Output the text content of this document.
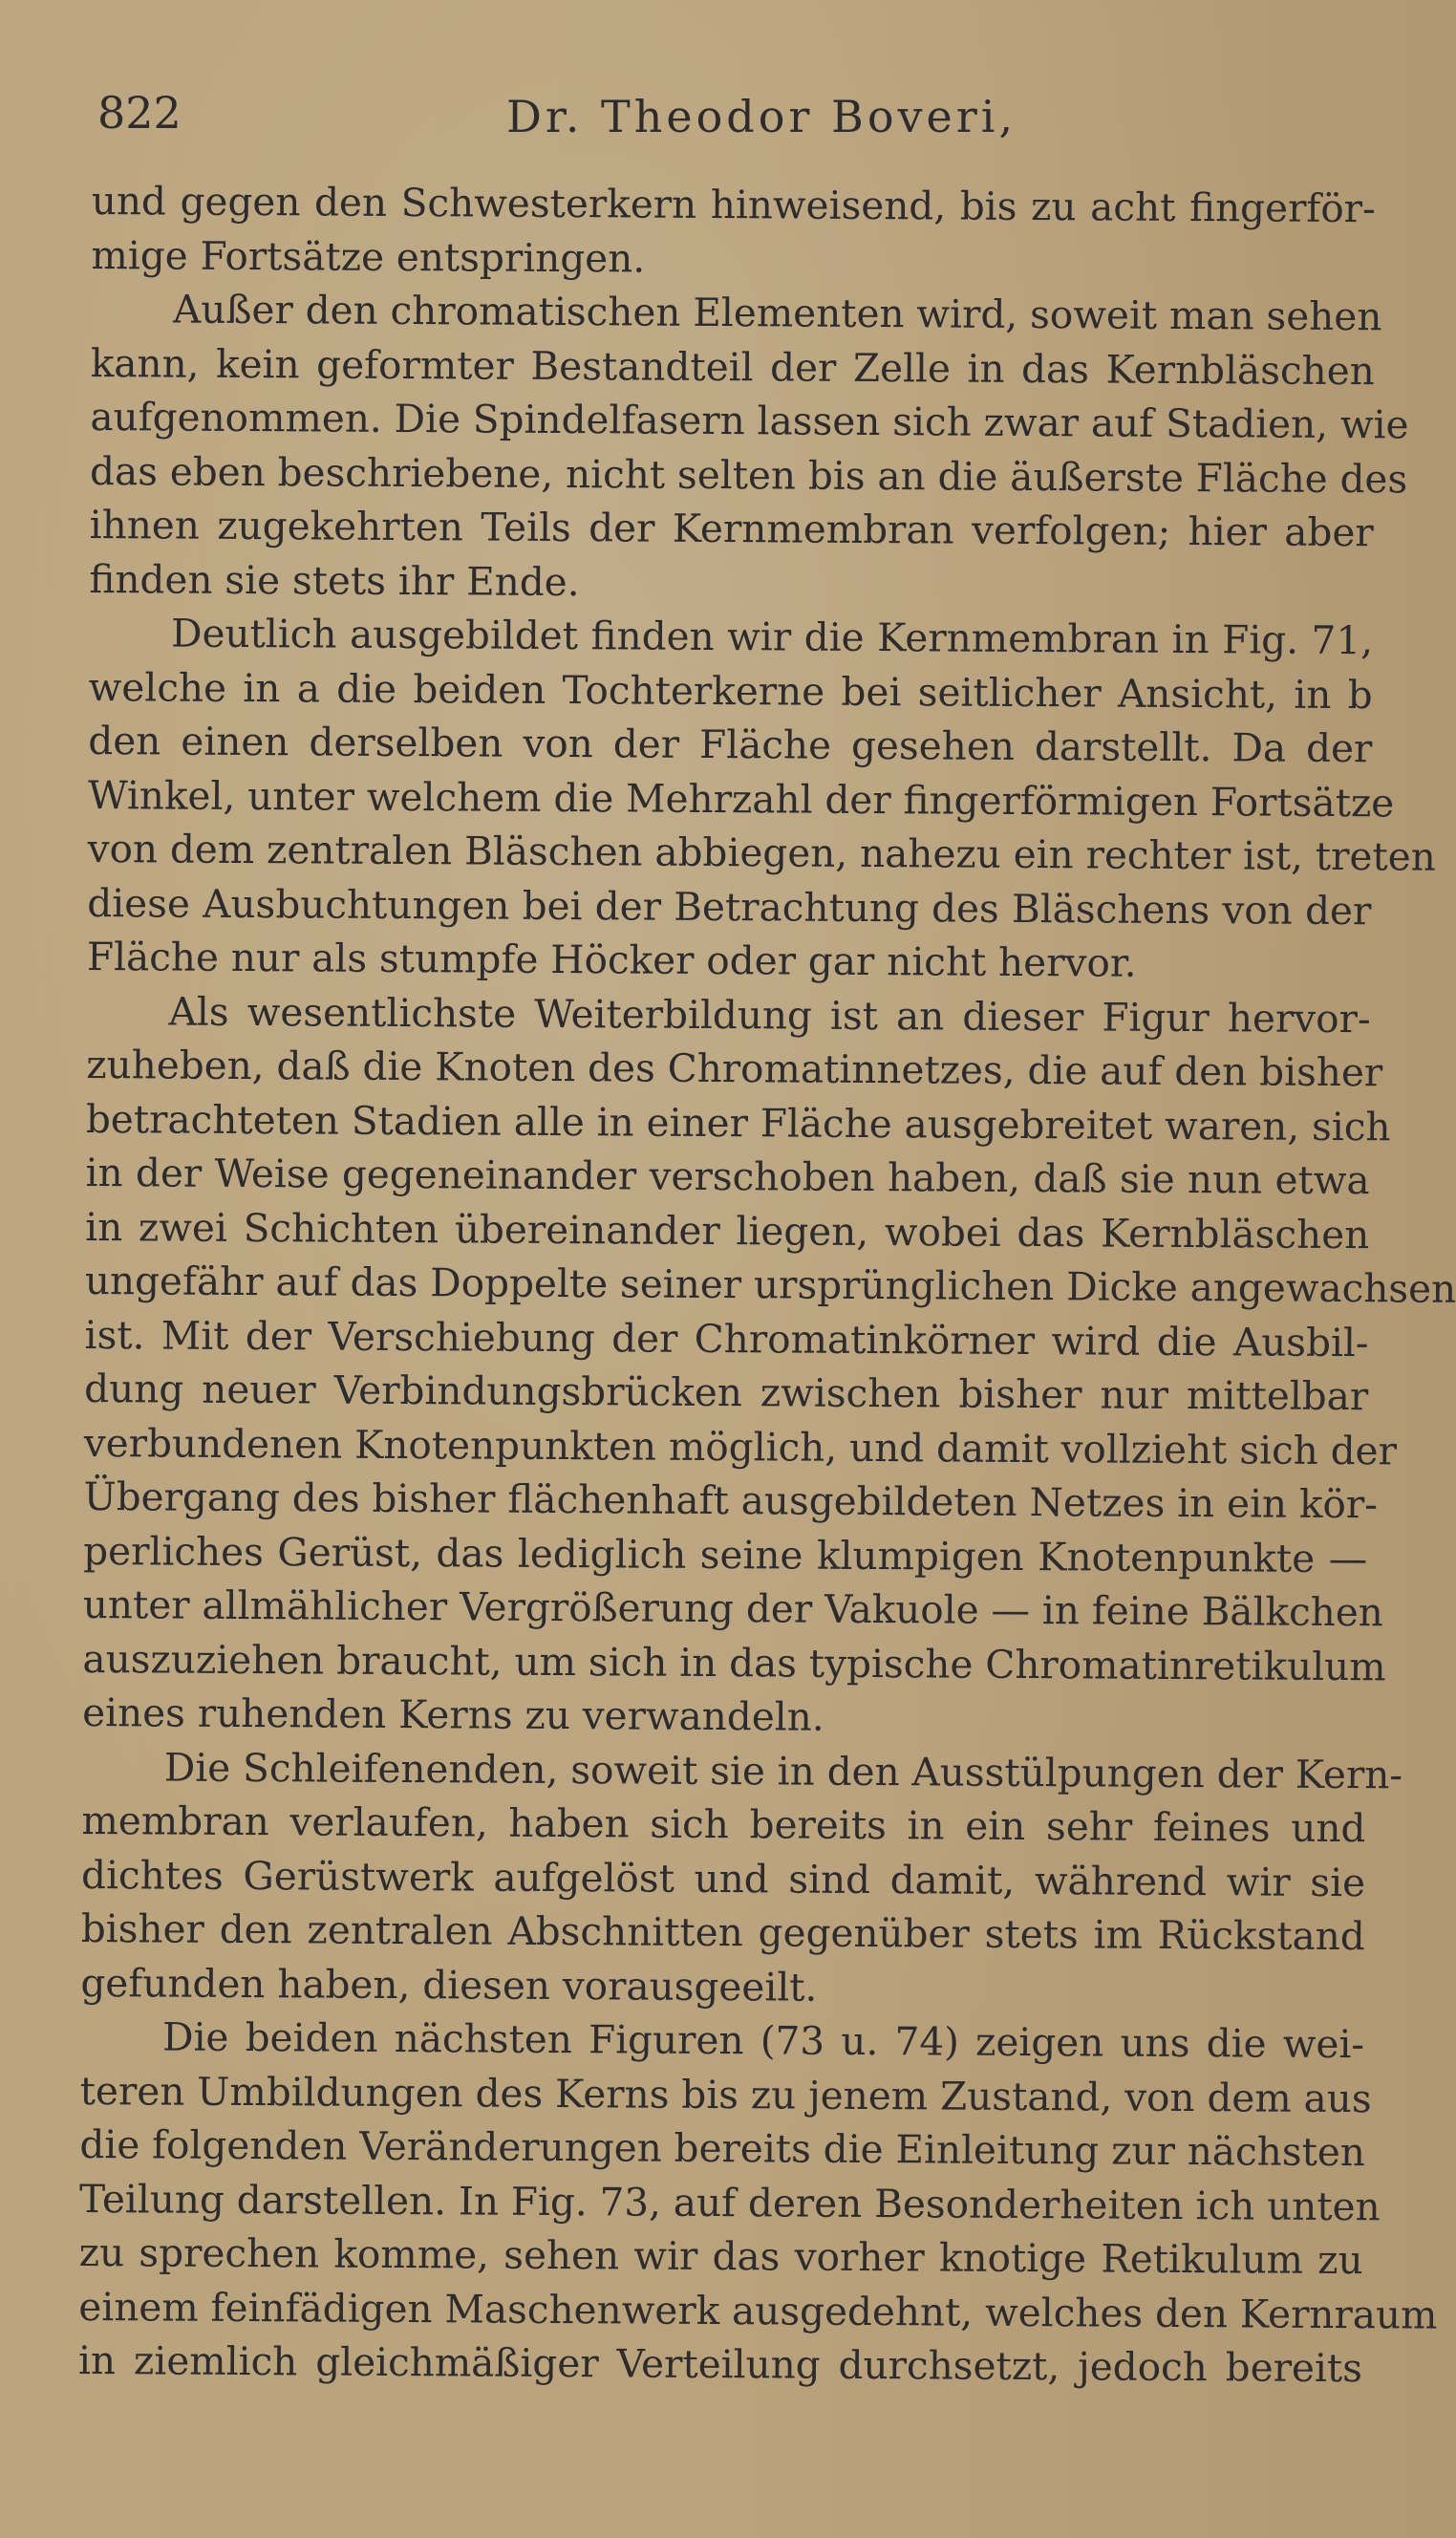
822	Dr. Theodor Boveri,
und gegen den Schwesterkern hinweisend, bis zu acht fingerför-
mige Fortsätze entspringen.
Außer den chromatischen Elementen wird, soweit man sehen
kann, kein geformter Bestandteil der Zelle in das Kernbläschen
aufgenommen. Die Spindelfasern lassen sich zwar auf Stadien, wie
das eben beschriebene, nicht selten bis an die äußerste Fläche des
ihnen zugekehrten Teils der Kernmembran verfolgen; hier aber
finden sie stets ihr Ende.
Deutlich ausgebildet finden wir die Kernmembran in Fig. 71,
welche in a die beiden Tochterkerne bei seitlicher Ansicht, in b
den einen derselben von der Fläche gesehen darstellt. Da der
Winkel, unter welchem die Mehrzahl der fingerförmigen Fortsätze
von dem zentralen Bläschen abbiegen, nahezu ein rechter ist, treten
diese Ausbuchtungen bei der Betrachtung des Bläschens von der
Fläche nur als stumpfe Höcker oder gar nicht hervor.
Als wesentlichste Weiterbildung ist an dieser Figur hervor-
zuheben, daß die Knoten des Chromatinnetzes, die auf den bisher
betrachteten Stadien alle in einer Fläche ausgebreitet waren, sich
in der Weise gegeneinander verschoben haben, daß sie nun etwa
in zwei Schichten übereinander liegen, wobei das Kernbläschen
ungefähr auf das Doppelte seiner ursprünglichen Dicke angewachsen
ist. Mit der Verschiebung der Chromatinkörner wird die Ausbil-
dung neuer Verbindungsbrücken zwischen bisher nur mittelbar
verbundenen Knotenpunkten möglich, und damit vollzieht sich der
Übergang des bisher flächenhaft ausgebildeten Netzes in ein kör-
perliches Gerüst, das lediglich seine klumpigen Knotenpunkte —
unter allmählicher Vergrößerung der Vakuole — in feine Bälkchen
auszuziehen braucht, um sich in das typische Chromatinretikulum
eines ruhenden Kerns zu verwandeln.
Die Schleifenenden, soweit sie in den Ausstülpungen der Kern-
membran verlaufen, haben sich bereits in ein sehr feines und
dichtes Gerüstwerk aufgelöst und sind damit, während wir sie
bisher den zentralen Abschnitten gegenüber stets im Rückstand
gefunden haben, diesen vorausgeeilt.
Die beiden nächsten Figuren (73 u. 74) zeigen uns die wei-
teren Umbildungen des Kerns bis zu jenem Zustand, von dem aus
die folgenden Veränderungen bereits die Einleitung zur nächsten
Teilung darstellen. In Fig. 73, auf deren Besonderheiten ich unten
zu sprechen komme, sehen wir das vorher knotige Retikulum zu
einem feinfädigen Maschenwerk ausgedehnt, welches den Kernraum
in ziemlich gleichmäßiger Verteilung durchsetzt, jedoch bereits
